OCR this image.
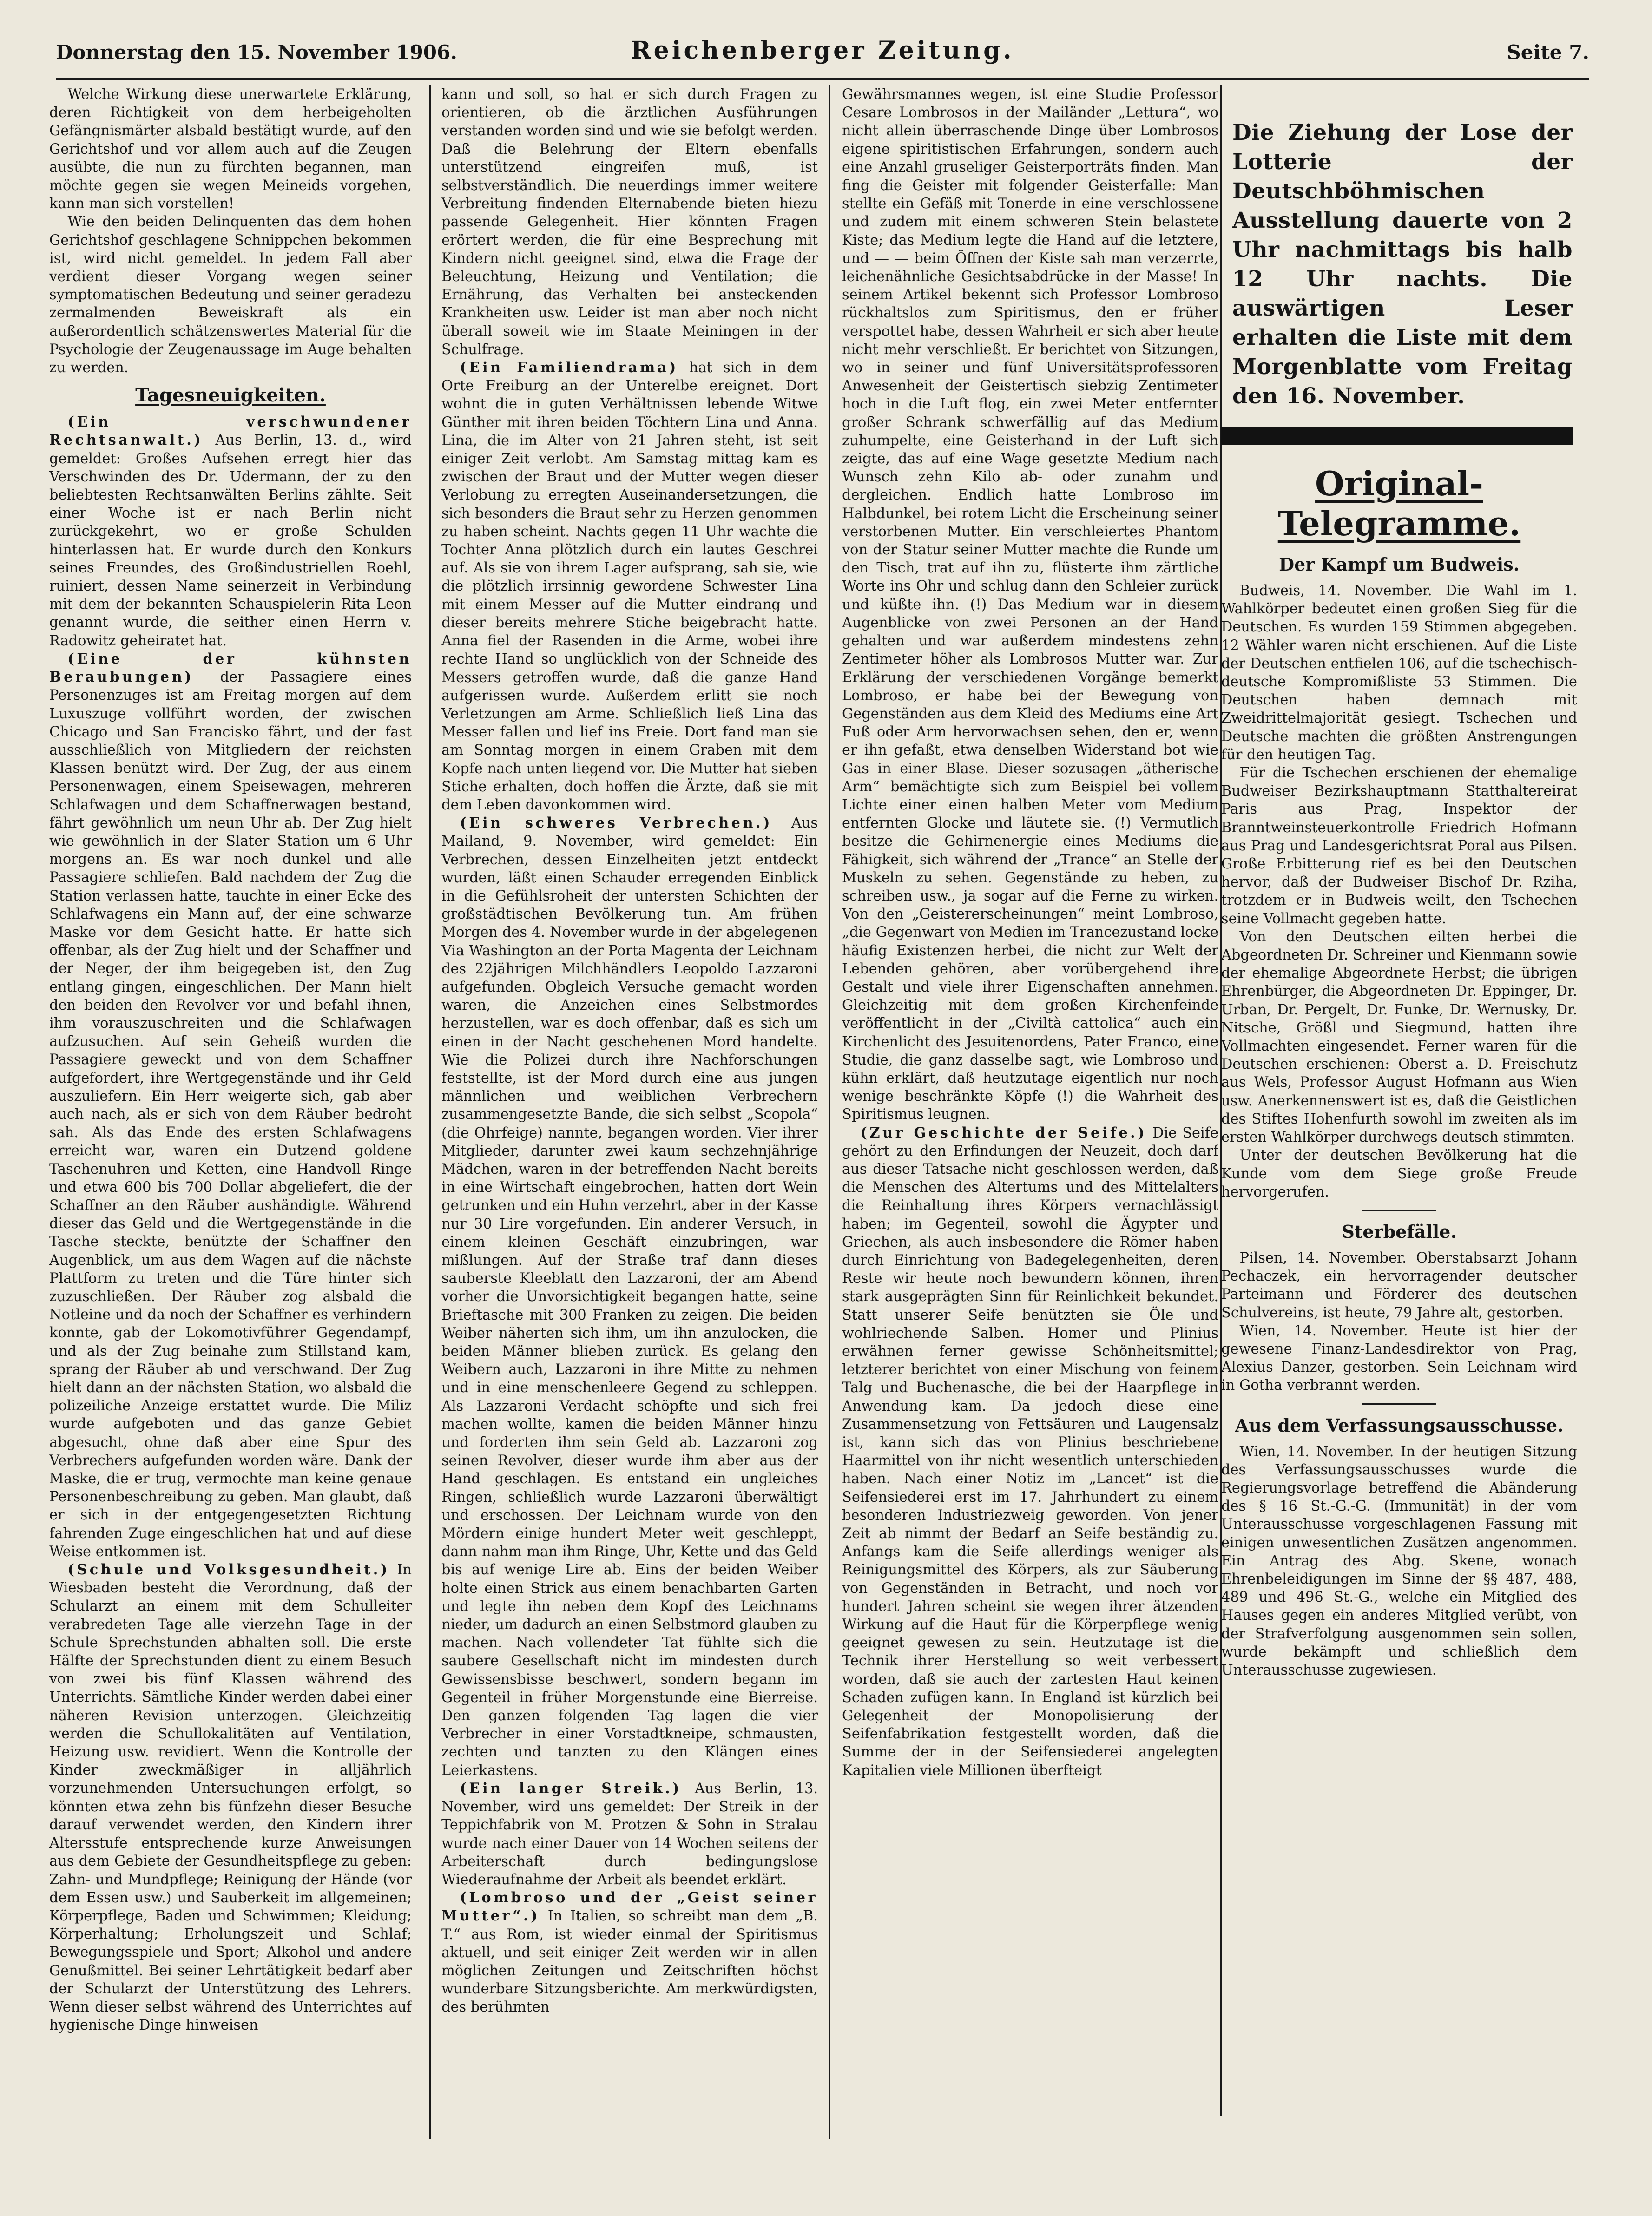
Donnerstag den 15. November 1906.	Reichenberger Zeitung.	Seite 7.

Welche Wirkung diese unerwartete Erklärung, deren Richtigkeit von dem herbeigeholten Gefängnismärter alsbald bestätigt wurde, auf den Gerichtshof und vor allem auch auf die Zeugen ausübte, die nun zu fürchten begannen, man möchte gegen sie wegen Meineids vorgehen, kann man sich vorstellen!

Wie den beiden Delinquenten das dem hohen Gerichtshof geschlagene Schnippchen bekommen ist, wird nicht gemeldet. In jedem Fall aber verdient dieser Vorgang wegen seiner symptomatischen Bedeutung und seiner geradezu zermalmenden Beweiskraft als ein außerordentlich schätzenswertes Material für die Psychologie der Zeugenaussage im Auge behalten zu werden.

Tagesneuigkeiten.

(Ein verschwundener Rechtsanwalt.) Aus Berlin, 13. d., wird gemeldet: Großes Aufsehen erregt hier das Verschwinden des Dr. Udermann, der zu den beliebtesten Rechtsanwälten Berlins zählte. Seit einer Woche ist er nach Berlin nicht zurückgekehrt, wo er große Schulden hinterlassen hat. Er wurde durch den Konkurs seines Freundes, des Großindustriellen Roehl, ruiniert, dessen Name seinerzeit in Verbindung mit dem der bekannten Schauspielerin Rita Leon genannt wurde, die seither einen Herrn v. Radowitz geheiratet hat.

(Eine der kühnsten Beraubungen) der Passagiere eines Personenzuges ist am Freitag morgen auf dem Luxuszuge vollführt worden, der zwischen Chicago und San Francisko fährt, und der fast ausschließlich von Mitgliedern der reichsten Klassen benützt wird. Der Zug, der aus einem Personenwagen, einem Speisewagen, mehreren Schlafwagen und dem Schaffnerwagen bestand, fährt gewöhnlich um neun Uhr ab. Der Zug hielt wie gewöhnlich in der Slater Station um 6 Uhr morgens an. Es war noch dunkel und alle Passagiere schliefen. Bald nachdem der Zug die Station verlassen hatte, tauchte in einer Ecke des Schlafwagens ein Mann auf, der eine schwarze Maske vor dem Gesicht hatte. Er hatte sich offenbar, als der Zug hielt und der Schaffner und der Neger, der ihm beigegeben ist, den Zug entlang gingen, eingeschlichen. Der Mann hielt den beiden den Revolver vor und befahl ihnen, ihm vorauszuschreiten und die Schlafwagen aufzusuchen. Auf sein Geheiß wurden die Passagiere geweckt und von dem Schaffner aufgefordert, ihre Wertgegenstände und ihr Geld auszuliefern. Ein Herr weigerte sich, gab aber auch nach, als er sich von dem Räuber bedroht sah. Als das Ende des ersten Schlafwagens erreicht war, waren ein Dutzend goldene Taschenuhren und Ketten, eine Handvoll Ringe und etwa 600 bis 700 Dollar abgeliefert, die der Schaffner an den Räuber aushändigte. Während dieser das Geld und die Wertgegenstände in die Tasche steckte, benützte der Schaffner den Augenblick, um aus dem Wagen auf die nächste Plattform zu treten und die Türe hinter sich zuzuschließen. Der Räuber zog alsbald die Notleine und da noch der Schaffner es verhindern konnte, gab der Lokomotivführer Gegendampf, und als der Zug beinahe zum Stillstand kam, sprang der Räuber ab und verschwand. Der Zug hielt dann an der nächsten Station, wo alsbald die polizeiliche Anzeige erstattet wurde. Die Miliz wurde aufgeboten und das ganze Gebiet abgesucht, ohne daß aber eine Spur des Verbrechers aufgefunden worden wäre. Dank der Maske, die er trug, vermochte man keine genaue Personenbeschreibung zu geben. Man glaubt, daß er sich in der entgegengesetzten Richtung fahrenden Zuge eingeschlichen hat und auf diese Weise entkommen ist.

(Schule und Volksgesundheit.) In Wiesbaden besteht die Verordnung, daß der Schularzt an einem mit dem Schulleiter verabredeten Tage alle vierzehn Tage in der Schule Sprechstunden abhalten soll. Die erste Hälfte der Sprechstunden dient zu einem Besuch von zwei bis fünf Klassen während des Unterrichts. Sämtliche Kinder werden dabei einer näheren Revision unterzogen. Gleichzeitig werden die Schullokalitäten auf Ventilation, Heizung usw. revidiert. Wenn die Kontrolle der Kinder zweckmäßiger in alljährlich vorzunehmenden Untersuchungen erfolgt, so könnten etwa zehn bis fünfzehn dieser Besuche darauf verwendet werden, den Kindern ihrer Altersstufe entsprechende kurze Anweisungen aus dem Gebiete der Gesundheitspflege zu geben: Zahn- und Mundpflege; Reinigung der Hände (vor dem Essen usw.) und Sauberkeit im allgemeinen; Körperpflege, Baden und Schwimmen; Kleidung; Körperhaltung; Erholungszeit und Schlaf; Bewegungsspiele und Sport; Alkohol und andere Genußmittel. Bei seiner Lehrtätigkeit bedarf aber der Schularzt der Unterstützung des Lehrers. Wenn dieser selbst während des Unterrichtes auf hygienische Dinge hinweisen

kann und soll, so hat er sich durch Fragen zu orientieren, ob die ärztlichen Ausführungen verstanden worden sind und wie sie befolgt werden. Daß die Belehrung der Eltern ebenfalls unterstützend eingreifen muß, ist selbstverständlich. Die neuerdings immer weitere Verbreitung findenden Elternabende bieten hiezu passende Gelegenheit. Hier könnten Fragen erörtert werden, die für eine Besprechung mit Kindern nicht geeignet sind, etwa die Frage der Beleuchtung, Heizung und Ventilation; die Ernährung, das Verhalten bei ansteckenden Krankheiten usw. Leider ist man aber noch nicht überall soweit wie im Staate Meiningen in der Schulfrage.

(Ein Familiendrama) hat sich in dem Orte Freiburg an der Unterelbe ereignet. Dort wohnt die in guten Verhältnissen lebende Witwe Günther mit ihren beiden Töchtern Lina und Anna. Lina, die im Alter von 21 Jahren steht, ist seit einiger Zeit verlobt. Am Samstag mittag kam es zwischen der Braut und der Mutter wegen dieser Verlobung zu erregten Auseinandersetzungen, die sich besonders die Braut sehr zu Herzen genommen zu haben scheint. Nachts gegen 11 Uhr wachte die Tochter Anna plötzlich durch ein lautes Geschrei auf. Als sie von ihrem Lager aufsprang, sah sie, wie die plötzlich irrsinnig gewordene Schwester Lina mit einem Messer auf die Mutter eindrang und dieser bereits mehrere Stiche beigebracht hatte. Anna fiel der Rasenden in die Arme, wobei ihre rechte Hand so unglücklich von der Schneide des Messers getroffen wurde, daß die ganze Hand aufgerissen wurde. Außerdem erlitt sie noch Verletzungen am Arme. Schließlich ließ Lina das Messer fallen und lief ins Freie. Dort fand man sie am Sonntag morgen in einem Graben mit dem Kopfe nach unten liegend vor. Die Mutter hat sieben Stiche erhalten, doch hoffen die Ärzte, daß sie mit dem Leben davonkommen wird.

(Ein schweres Verbrechen.) Aus Mailand, 9. November, wird gemeldet: Ein Verbrechen, dessen Einzelheiten jetzt entdeckt wurden, läßt einen Schauder erregenden Einblick in die Gefühlsroheit der untersten Schichten der großstädtischen Bevölkerung tun. Am frühen Morgen des 4. November wurde in der abgelegenen Via Washington an der Porta Magenta der Leichnam des 22jährigen Milchhändlers Leopoldo Lazzaroni aufgefunden. Obgleich Versuche gemacht worden waren, die Anzeichen eines Selbstmordes herzustellen, war es doch offenbar, daß es sich um einen in der Nacht geschehenen Mord handelte. Wie die Polizei durch ihre Nachforschungen feststellte, ist der Mord durch eine aus jungen männlichen und weiblichen Verbrechern zusammengesetzte Bande, die sich selbst „Scopola“ (die Ohrfeige) nannte, begangen worden. Vier ihrer Mitglieder, darunter zwei kaum sechzehnjährige Mädchen, waren in der betreffenden Nacht bereits in eine Wirtschaft eingebrochen, hatten dort Wein getrunken und ein Huhn verzehrt, aber in der Kasse nur 30 Lire vorgefunden. Ein anderer Versuch, in einem kleinen Geschäft einzubringen, war mißlungen. Auf der Straße traf dann dieses sauberste Kleeblatt den Lazzaroni, der am Abend vorher die Unvorsichtigkeit begangen hatte, seine Brieftasche mit 300 Franken zu zeigen. Die beiden Weiber näherten sich ihm, um ihn anzulocken, die beiden Männer blieben zurück. Es gelang den Weibern auch, Lazzaroni in ihre Mitte zu nehmen und in eine menschenleere Gegend zu schleppen. Als Lazzaroni Verdacht schöpfte und sich frei machen wollte, kamen die beiden Männer hinzu und forderten ihm sein Geld ab. Lazzaroni zog seinen Revolver, dieser wurde ihm aber aus der Hand geschlagen. Es entstand ein ungleiches Ringen, schließlich wurde Lazzaroni überwältigt und erschossen. Der Leichnam wurde von den Mördern einige hundert Meter weit geschleppt, dann nahm man ihm Ringe, Uhr, Kette und das Geld bis auf wenige Lire ab. Eins der beiden Weiber holte einen Strick aus einem benachbarten Garten und legte ihn neben dem Kopf des Leichnams nieder, um dadurch an einen Selbstmord glauben zu machen. Nach vollendeter Tat fühlte sich die saubere Gesellschaft nicht im mindesten durch Gewissensbisse beschwert, sondern begann im Gegenteil in früher Morgenstunde eine Bierreise. Den ganzen folgenden Tag lagen die vier Verbrecher in einer Vorstadtkneipe, schmausten, zechten und tanzten zu den Klängen eines Leierkastens.

(Ein langer Streik.) Aus Berlin, 13. November, wird uns gemeldet: Der Streik in der Teppichfabrik von M. Protzen & Sohn in Stralau wurde nach einer Dauer von 14 Wochen seitens der Arbeiterschaft durch bedingungslose Wiederaufnahme der Arbeit als beendet erklärt.

(Lombroso und der „Geist seiner Mutter“.) In Italien, so schreibt man dem „B. T.“ aus Rom, ist wieder einmal der Spiritismus aktuell, und seit einiger Zeit werden wir in allen möglichen Zeitungen und Zeitschriften höchst wunderbare Sitzungsberichte. Am merkwürdigsten, des berühmten

Gewährsmannes wegen, ist eine Studie Professor Cesare Lombrosos in der Mailänder „Lettura“, wo nicht allein überraschende Dinge über Lombrosos eigene spiritistischen Erfahrungen, sondern auch eine Anzahl gruseliger Geisterporträts finden. Man fing die Geister mit folgender Geisterfalle: Man stellte ein Gefäß mit Tonerde in eine verschlossene und zudem mit einem schweren Stein belastete Kiste; das Medium legte die Hand auf die letztere, und — — beim Öffnen der Kiste sah man verzerrte, leichenähnliche Gesichtsabdrücke in der Masse! In seinem Artikel bekennt sich Professor Lombroso rückhaltslos zum Spiritismus, den er früher verspottet habe, dessen Wahrheit er sich aber heute nicht mehr verschließt. Er berichtet von Sitzungen, wo in seiner und fünf Universitätsprofessoren Anwesenheit der Geistertisch siebzig Zentimeter hoch in die Luft flog, ein zwei Meter entfernter großer Schrank schwerfällig auf das Medium zuhumpelte, eine Geisterhand in der Luft sich zeigte, das auf eine Wage gesetzte Medium nach Wunsch zehn Kilo ab- oder zunahm und dergleichen. Endlich hatte Lombroso im Halbdunkel, bei rotem Licht die Erscheinung seiner verstorbenen Mutter. Ein verschleiertes Phantom von der Statur seiner Mutter machte die Runde um den Tisch, trat auf ihn zu, flüsterte ihm zärtliche Worte ins Ohr und schlug dann den Schleier zurück und küßte ihn. (!) Das Medium war in diesem Augenblicke von zwei Personen an der Hand gehalten und war außerdem mindestens zehn Zentimeter höher als Lombrosos Mutter war. Zur Erklärung der verschiedenen Vorgänge bemerkt Lombroso, er habe bei der Bewegung von Gegenständen aus dem Kleid des Mediums eine Art Fuß oder Arm hervorwachsen sehen, den er, wenn er ihn gefaßt, etwa denselben Widerstand bot wie Gas in einer Blase. Dieser sozusagen „ätherische Arm“ bemächtigte sich zum Beispiel bei vollem Lichte einer einen halben Meter vom Medium entfernten Glocke und läutete sie. (!) Vermutlich besitze die Gehirnenergie eines Mediums die Fähigkeit, sich während der „Trance“ an Stelle der Muskeln zu sehen. Gegenstände zu heben, zu schreiben usw., ja sogar auf die Ferne zu wirken. Von den „Geistererscheinungen“ meint Lombroso, „die Gegenwart von Medien im Trancezustand locke häufig Existenzen herbei, die nicht zur Welt der Lebenden gehören, aber vorübergehend ihre Gestalt und viele ihrer Eigenschaften annehmen. Gleichzeitig mit dem großen Kirchenfeinde veröffentlicht in der „Civiltà cattolica“ auch ein Kirchenlicht des Jesuitenordens, Pater Franco, eine Studie, die ganz dasselbe sagt, wie Lombroso und kühn erklärt, daß heutzutage eigentlich nur noch wenige beschränkte Köpfe (!) die Wahrheit des Spiritismus leugnen.

(Zur Geschichte der Seife.) Die Seife gehört zu den Erfindungen der Neuzeit, doch darf aus dieser Tatsache nicht geschlossen werden, daß die Menschen des Altertums und des Mittelalters die Reinhaltung ihres Körpers vernachlässigt haben; im Gegenteil, sowohl die Ägypter und Griechen, als auch insbesondere die Römer haben durch Einrichtung von Badegelegenheiten, deren Reste wir heute noch bewundern können, ihren stark ausgeprägten Sinn für Reinlichkeit bekundet. Statt unserer Seife benützten sie Öle und wohlriechende Salben. Homer und Plinius erwähnen ferner gewisse Schönheitsmittel; letzterer berichtet von einer Mischung von feinem Talg und Buchenasche, die bei der Haarpflege in Anwendung kam. Da jedoch diese eine Zusammensetzung von Fettsäuren und Laugensalz ist, kann sich das von Plinius beschriebene Haarmittel von ihr nicht wesentlich unterschieden haben. Nach einer Notiz im „Lancet“ ist die Seifensiederei erst im 17. Jahrhundert zu einem besonderen Industriezweig geworden. Von jener Zeit ab nimmt der Bedarf an Seife beständig zu. Anfangs kam die Seife allerdings weniger als Reinigungsmittel des Körpers, als zur Säuberung von Gegenständen in Betracht, und noch vor hundert Jahren scheint sie wegen ihrer ätzenden Wirkung auf die Haut für die Körperpflege wenig geeignet gewesen zu sein. Heutzutage ist die Technik ihrer Herstellung so weit verbessert worden, daß sie auch der zartesten Haut keinen Schaden zufügen kann. In England ist kürzlich bei Gelegenheit der Monopolisierung der Seifenfabrikation festgestellt worden, daß die Summe der in der Seifensiederei angelegten Kapitalien viele Millionen überfteigt

Die Ziehung der Lose der Lotterie der Deutschböhmischen Ausstellung dauerte von 2 Uhr nachmittags bis halb 12 Uhr nachts. Die auswärtigen Leser erhalten die Liste mit dem Morgenblatte vom Freitag den 16. November.
Original-Telegramme.
Der Kampf um Budweis.

Budweis, 14. November. Die Wahl im 1. Wahlkörper bedeutet einen großen Sieg für die Deutschen. Es wurden 159 Stimmen abgegeben. 12 Wähler waren nicht erschienen. Auf die Liste der Deutschen entfielen 106, auf die tschechisch-deutsche Kompromißliste 53 Stimmen. Die Deutschen haben demnach mit Zweidrittelmajorität gesiegt. Tschechen und Deutsche machten die größten Anstrengungen für den heutigen Tag.

Für die Tschechen erschienen der ehemalige Budweiser Bezirkshauptmann Statthaltereirat Paris aus Prag, Inspektor der Branntweinsteuerkontrolle Friedrich Hofmann aus Prag und Landesgerichtsrat Poral aus Pilsen. Große Erbitterung rief es bei den Deutschen hervor, daß der Budweiser Bischof Dr. Rziha, trotzdem er in Budweis weilt, den Tschechen seine Vollmacht gegeben hatte.

Von den Deutschen eilten herbei die Abgeordneten Dr. Schreiner und Kienmann sowie der ehemalige Abgeordnete Herbst; die übrigen Ehrenbürger, die Abgeordneten Dr. Eppinger, Dr. Urban, Dr. Pergelt, Dr. Funke, Dr. Wernusky, Dr. Nitsche, Größl und Siegmund, hatten ihre Vollmachten eingesendet. Ferner waren für die Deutschen erschienen: Oberst a. D. Freischutz aus Wels, Professor August Hofmann aus Wien usw. Anerkennenswert ist es, daß die Geistlichen des Stiftes Hohenfurth sowohl im zweiten als im ersten Wahlkörper durchwegs deutsch stimmten.

Unter der deutschen Bevölkerung hat die Kunde vom dem Siege große Freude hervorgerufen.

Sterbefälle.

Pilsen, 14. November. Oberstabsarzt Johann Pechaczek, ein hervorragender deutscher Parteimann und Förderer des deutschen Schulvereins, ist heute, 79 Jahre alt, gestorben.

Wien, 14. November. Heute ist hier der gewesene Finanz-Landesdirektor von Prag, Alexius Danzer, gestorben. Sein Leichnam wird in Gotha verbrannt werden.

Aus dem Verfassungsausschusse.

Wien, 14. November. In der heutigen Sitzung des Verfassungsausschusses wurde die Regierungsvorlage betreffend die Abänderung des § 16 St.-G.-G. (Immunität) in der vom Unterausschusse vorgeschlagenen Fassung mit einigen unwesentlichen Zusätzen angenommen. Ein Antrag des Abg. Skene, wonach Ehrenbeleidigungen im Sinne der §§ 487, 488, 489 und 496 St.-G., welche ein Mitglied des Hauses gegen ein anderes Mitglied verübt, von der Strafverfolgung ausgenommen sein sollen, wurde bekämpft und schließlich dem Unterausschusse zugewiesen.
